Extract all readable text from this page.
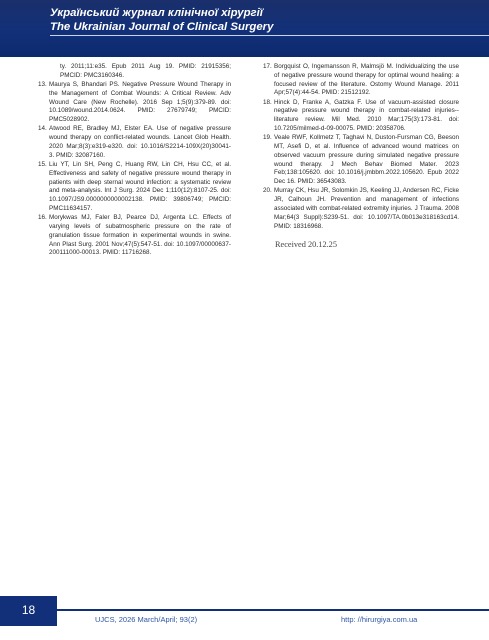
Український журнал клінічної хірургії
The Ukrainian Journal of Clinical Surgery
ty. 2011;11:e35. Epub 2011 Aug 19. PMID: 21915356; PMCID: PMC3160346.
13. Maurya S, Bhandari PS. Negative Pressure Wound Therapy in the Management of Combat Wounds: A Critical Review. Adv Wound Care (New Rochelle). 2016 Sep 1;5(9):379-89. doi: 10.1089/wound.2014.0624. PMID: 27679749; PMCID: PMC5028902.
14. Atwood RE, Bradley MJ, Elster EA. Use of negative pressure wound therapy on conflict-related wounds. Lancet Glob Health. 2020 Mar;8(3):e319-e320. doi: 10.1016/S2214-109X(20)30041-3. PMID: 32087160.
15. Liu YT, Lin SH, Peng C, Huang RW, Lin CH, Hsu CC, et al. Effectiveness and safety of negative pressure wound therapy in patients with deep sternal wound infection: a systematic review and meta-analysis. Int J Surg. 2024 Dec 1;110(12):8107-25. doi: 10.1097/JS9.0000000000002138. PMID: 39806749; PMCID: PMC11634157.
16. Morykwas MJ, Faler BJ, Pearce DJ, Argenta LC. Effects of varying levels of subatmospheric pressure on the rate of granulation tissue formation in experimental wounds in swine. Ann Plast Surg. 2001 Nov;47(5):547-51. doi: 10.1097/00000637-200111000-00013. PMID: 11716268.
17. Borgquist O, Ingemansson R, Malmsjö M. Individualizing the use of negative pressure wound therapy for optimal wound healing: a focused review of the literature. Ostomy Wound Manage. 2011 Apr;57(4):44-54. PMID: 21512192.
18. Hinck D, Franke A, Gatzka F. Use of vacuum-assisted closure negative pressure wound therapy in combat-related injuries--literature review. Mil Med. 2010 Mar;175(3):173-81. doi: 10.7205/milmed-d-09-00075. PMID: 20358706.
19. Veale RWF, Kollmetz T, Taghavi N, Duston-Fursman CG, Beeson MT, Asefi D, et al. Influence of advanced wound matrices on observed vacuum pressure during simulated negative pressure wound therapy. J Mech Behav Biomed Mater. 2023 Feb;138:105620. doi: 10.1016/j.jmbbm.2022.105620. Epub 2022 Dec 16. PMID: 36543083.
20. Murray CK, Hsu JR, Solomkin JS, Keeling JJ, Andersen RC, Ficke JR, Calhoun JH. Prevention and management of infections associated with combat-related extremity injuries. J Trauma. 2008 Mar;64(3 Suppl):S239-51. doi: 10.1097/TA.0b013e318163cd14. PMID: 18316968.
Received 20.12.25
18
UJCS, 2026 March/April; 93(2)	http: //hirurgiya.com.ua
